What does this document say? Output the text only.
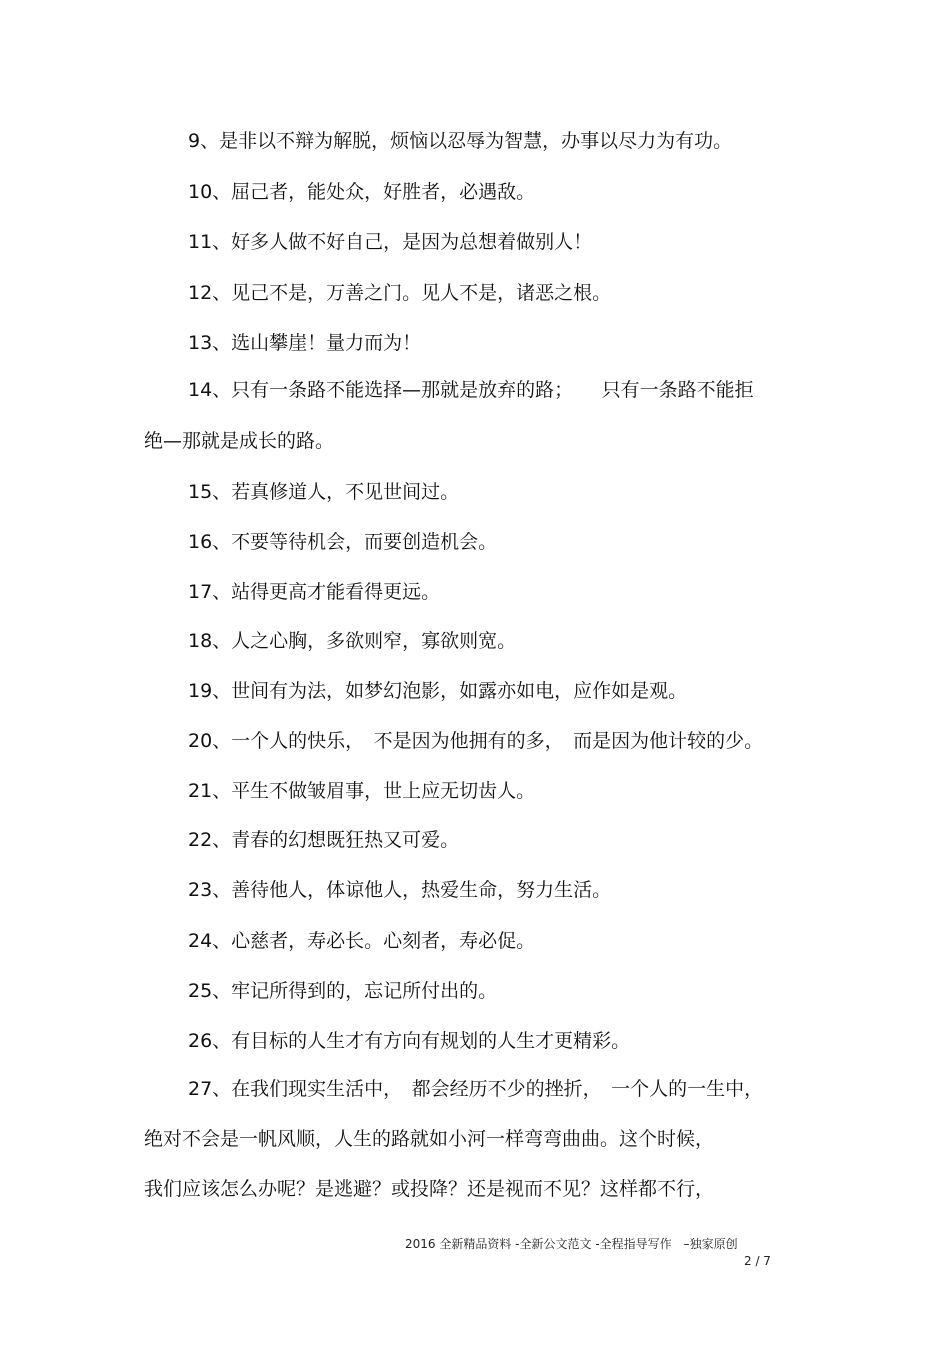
9、是非以不辩为解脱，烦恼以忍辱为智慧，办事以尽力为有功。
10、屈己者，能处众，好胜者，必遇敌。
11、好多人做不好自己，是因为总想着做别人！
12、见己不是，万善之门。见人不是，诸恶之根。
13、选山攀崖！量力而为！
14、只有一条路不能选择—那就是放弃的路；　　只有一条路不能拒
绝—那就是成长的路。
15、若真修道人，不见世间过。
16、不要等待机会，而要创造机会。
17、站得更高才能看得更远。
18、人之心胸，多欲则窄，寡欲则宽。
19、世间有为法，如梦幻泡影，如露亦如电，应作如是观。
20、一个人的快乐，　不是因为他拥有的多，　而是因为他计较的少。
21、平生不做皱眉事，世上应无切齿人。
22、青春的幻想既狂热又可爱。
23、善待他人，体谅他人，热爱生命，努力生活。
24、心慈者，寿必长。心刻者，寿必促。
25、牢记所得到的，忘记所付出的。
26、有目标的人生才有方向有规划的人生才更精彩。
27、在我们现实生活中，　都会经历不少的挫折，　一个人的一生中，
绝对不会是一帆风顺，人生的路就如小河一样弯弯曲曲。这个时候，
我们应该怎么办呢？是逃避？或投降？还是视而不见？这样都不行，
2016 全新精品资料 -全新公文范文 -全程指导写作　–独家原创
2 / 7
